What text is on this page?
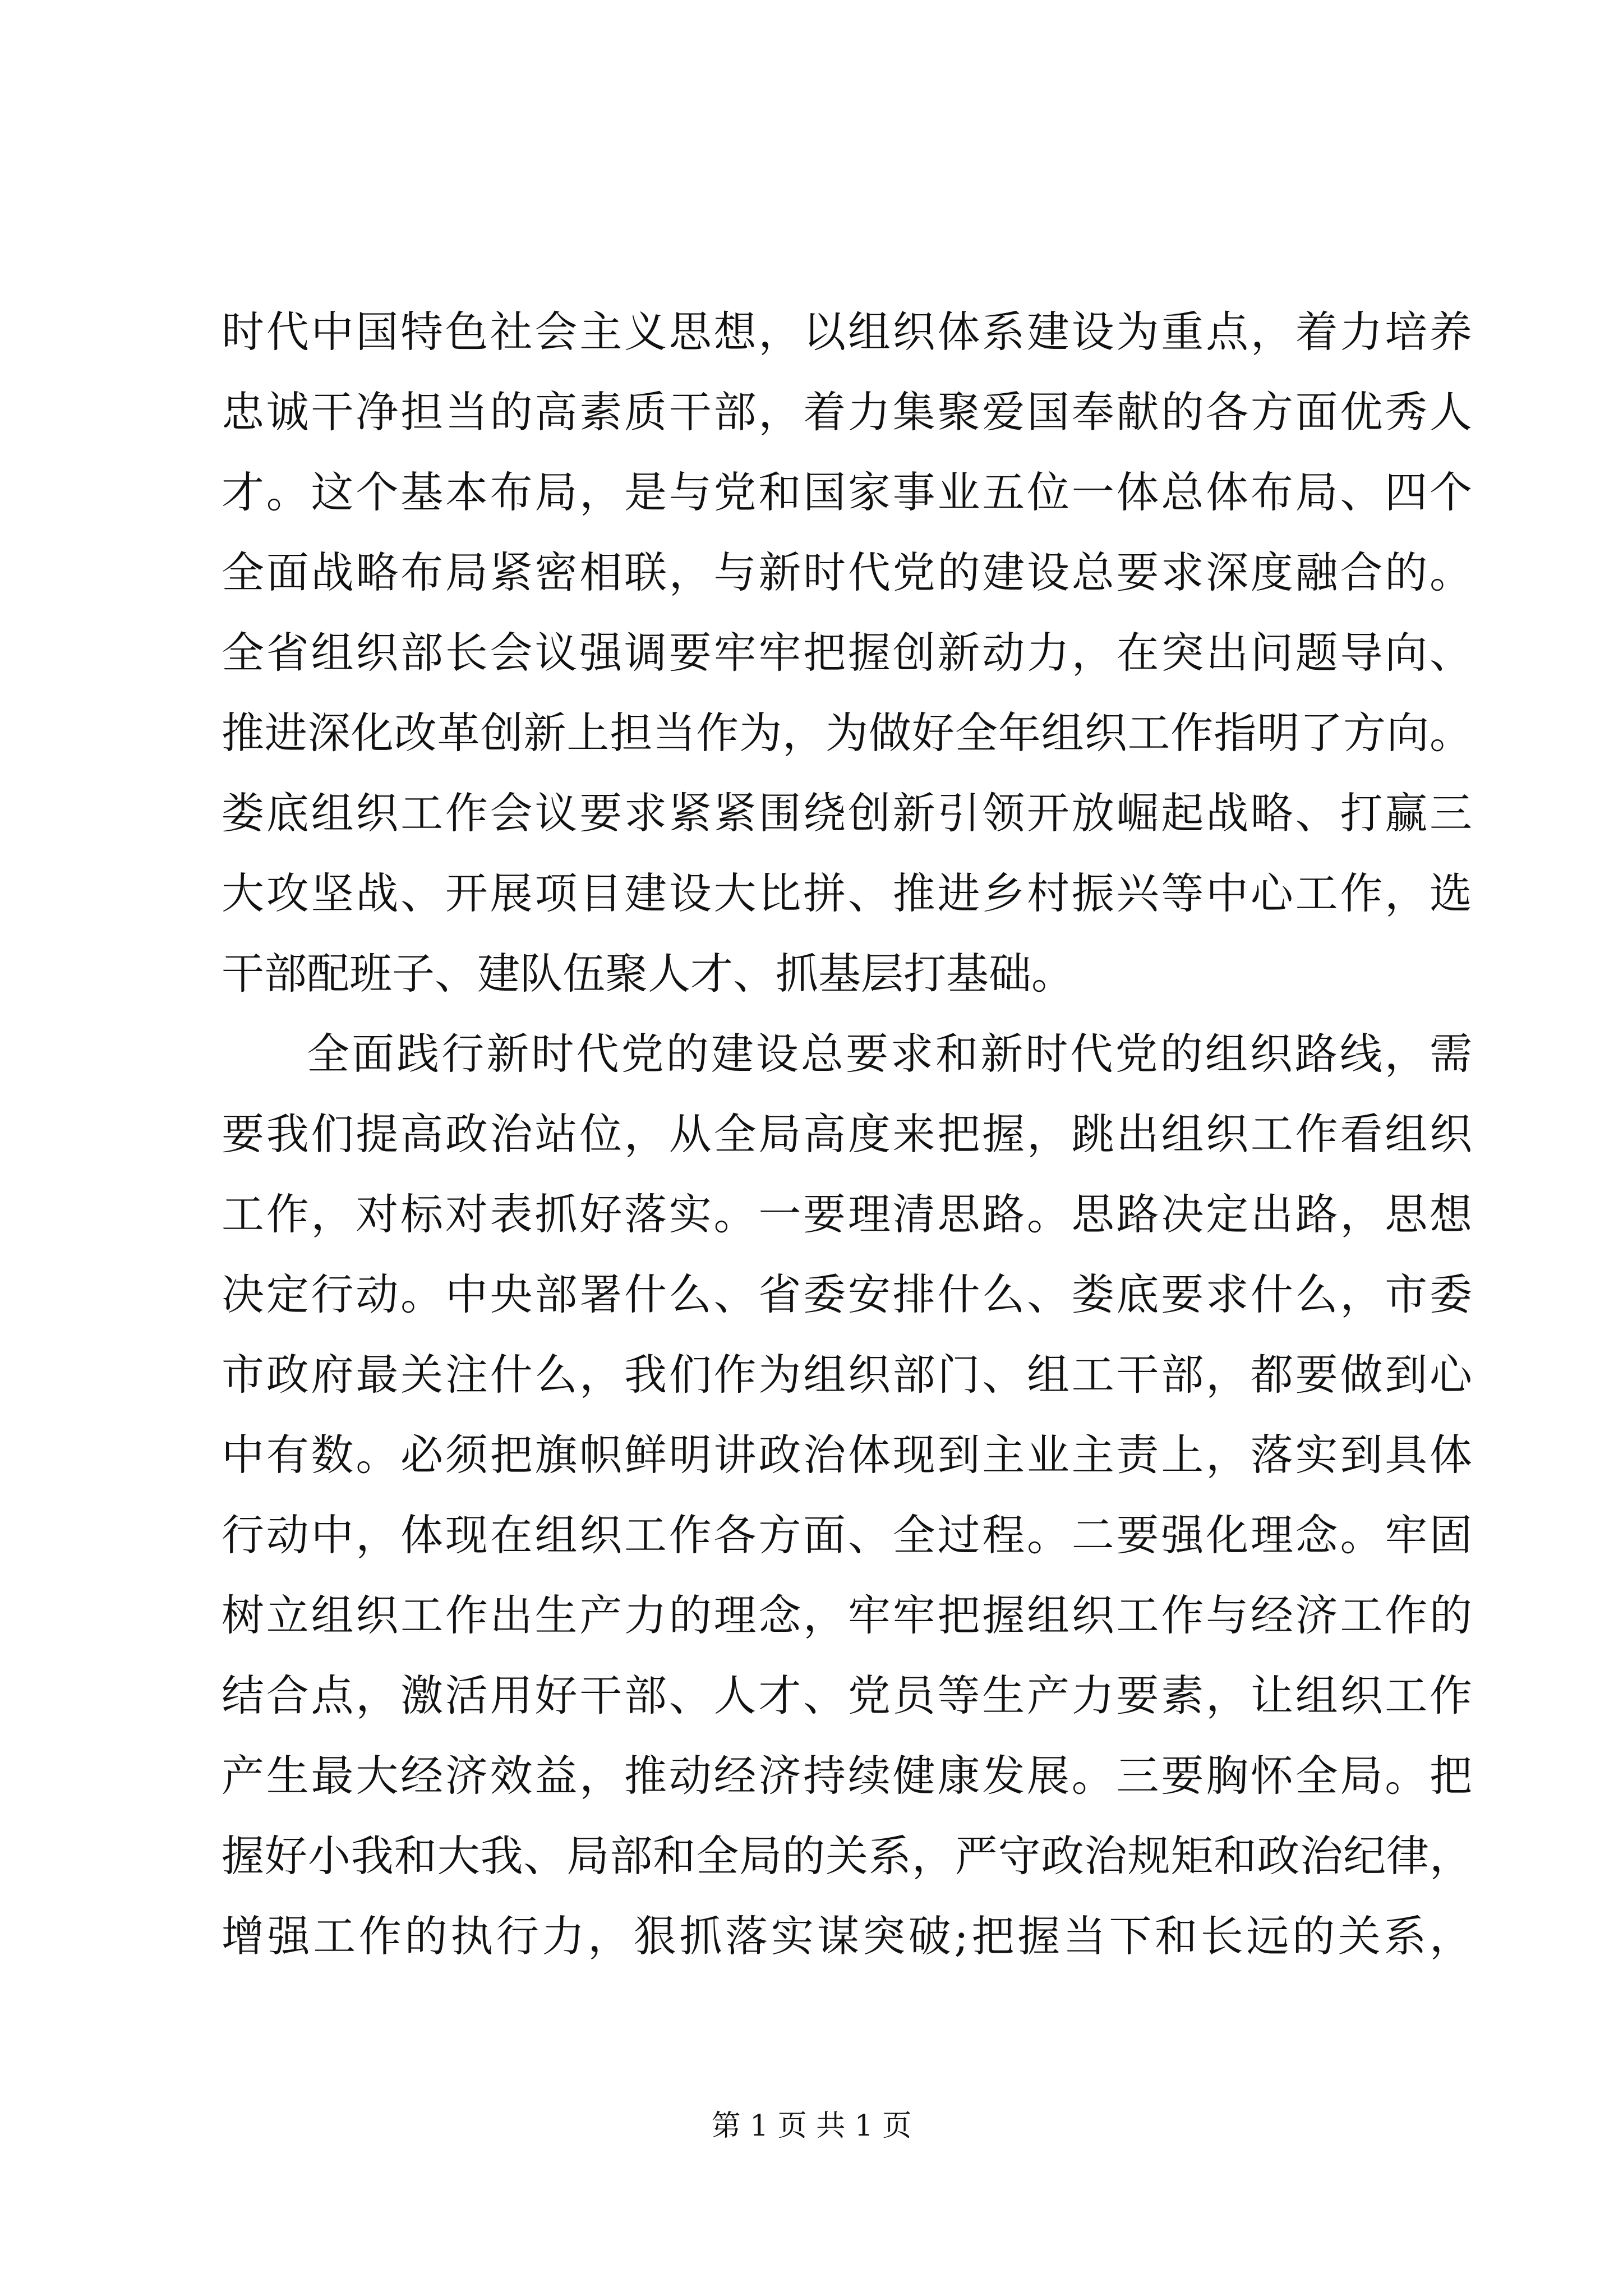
时代中国特色社会主义思想，以组织体系建设为重点，着力培养
忠诚干净担当的高素质干部，着力集聚爱国奉献的各方面优秀人
才。这个基本布局，是与党和国家事业五位一体总体布局、四个
全面战略布局紧密相联，与新时代党的建设总要求深度融合的。
全省组织部长会议强调要牢牢把握创新动力，在突出问题导向、
推进深化改革创新上担当作为，为做好全年组织工作指明了方向。
娄底组织工作会议要求紧紧围绕创新引领开放崛起战略、打赢三
大攻坚战、开展项目建设大比拼、推进乡村振兴等中心工作，选
干部配班子、建队伍聚人才、抓基层打基础。
全面践行新时代党的建设总要求和新时代党的组织路线，需
要我们提高政治站位，从全局高度来把握，跳出组织工作看组织
工作，对标对表抓好落实。一要理清思路。思路决定出路，思想
决定行动。中央部署什么、省委安排什么、娄底要求什么，市委
市政府最关注什么，我们作为组织部门、组工干部，都要做到心
中有数。必须把旗帜鲜明讲政治体现到主业主责上，落实到具体
行动中，体现在组织工作各方面、全过程。二要强化理念。牢固
树立组织工作出生产力的理念，牢牢把握组织工作与经济工作的
结合点，激活用好干部、人才、党员等生产力要素，让组织工作
产生最大经济效益，推动经济持续健康发展。三要胸怀全局。把
握好小我和大我、局部和全局的关系，严守政治规矩和政治纪律，
增强工作的执行力，狠抓落实谋突破;把握当下和长远的关系，
第 1 页 共 1 页
